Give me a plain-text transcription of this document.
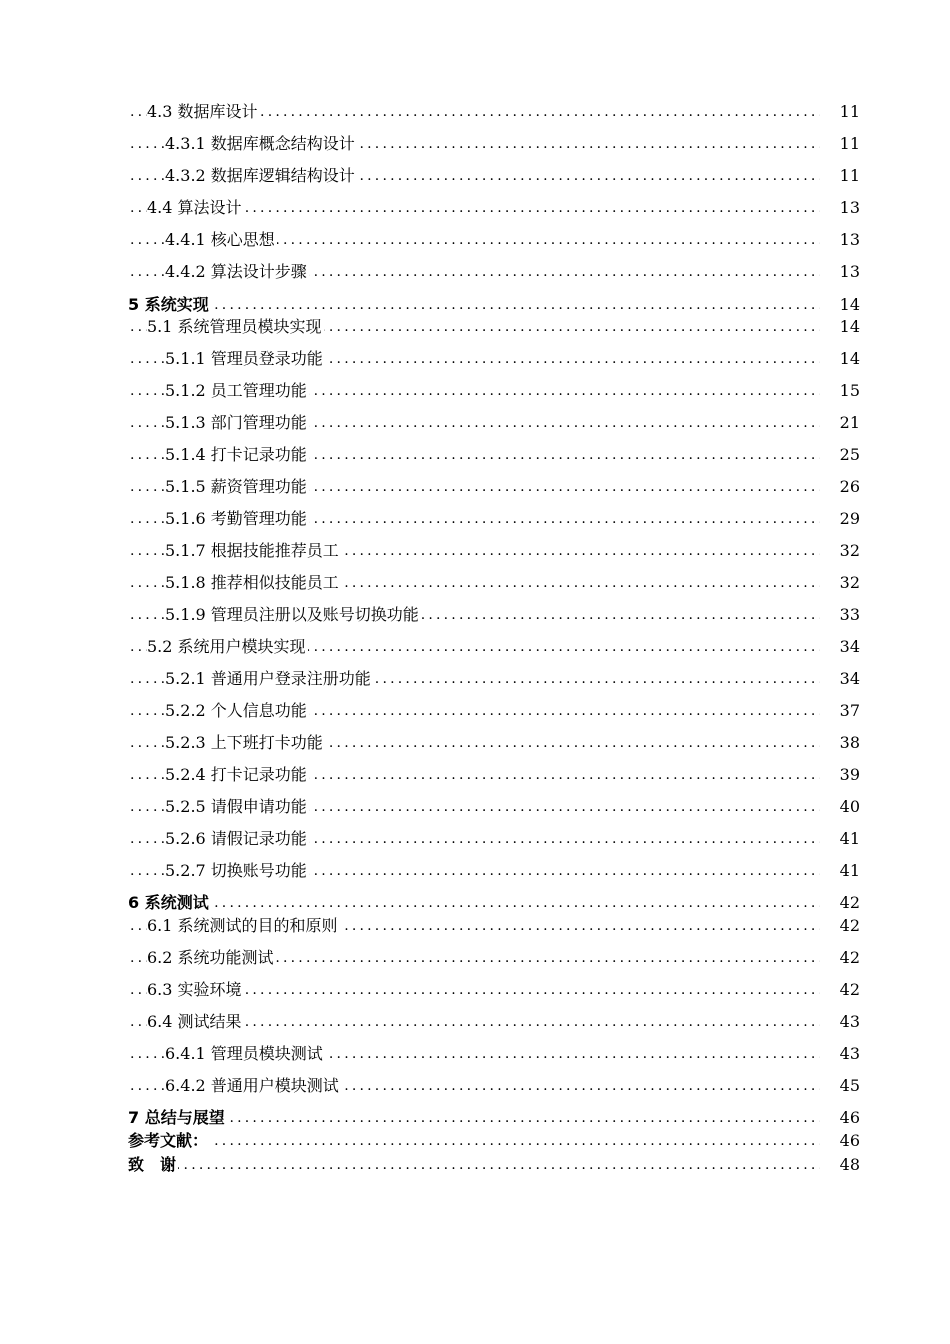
4.3 数据库设计 .....	11
4.3.1 数据库概念结构设计 .....	11
4.3.2 数据库逻辑结构设计 .....	11
4.4 算法设计 .....	13
4.4.1 核心思想 .....	13
4.4.2 算法设计步骤 .....	13
5 系统实现 .....	14
5.1 系统管理员模块实现 .....	14
5.1.1 管理员登录功能 .....	14
5.1.2 员工管理功能 .....	15
5.1.3 部门管理功能 .....	21
5.1.4 打卡记录功能 .....	25
5.1.5 薪资管理功能 .....	26
5.1.6 考勤管理功能 .....	29
5.1.7 根据技能推荐员工 .....	32
5.1.8 推荐相似技能员工 .....	32
5.1.9 管理员注册以及账号切换功能 .....	33
5.2 系统用户模块实现 .....	34
5.2.1 普通用户登录注册功能 .....	34
5.2.2 个人信息功能 .....	37
5.2.3 上下班打卡功能 .....	38
5.2.4 打卡记录功能 .....	39
5.2.5 请假申请功能 .....	40
5.2.6 请假记录功能 .....	41
5.2.7 切换账号功能 .....	41
6 系统测试 .....	42
6.1 系统测试的目的和原则 .....	42
6.2 系统功能测试 .....	42
6.3 实验环境 .....	42
6.4 测试结果 .....	43
6.4.1 管理员模块测试 .....	43
6.4.2 普通用户模块测试 .....	45
7 总结与展望 .....	46
参考文献： .....	46
致　谢 .....	48
